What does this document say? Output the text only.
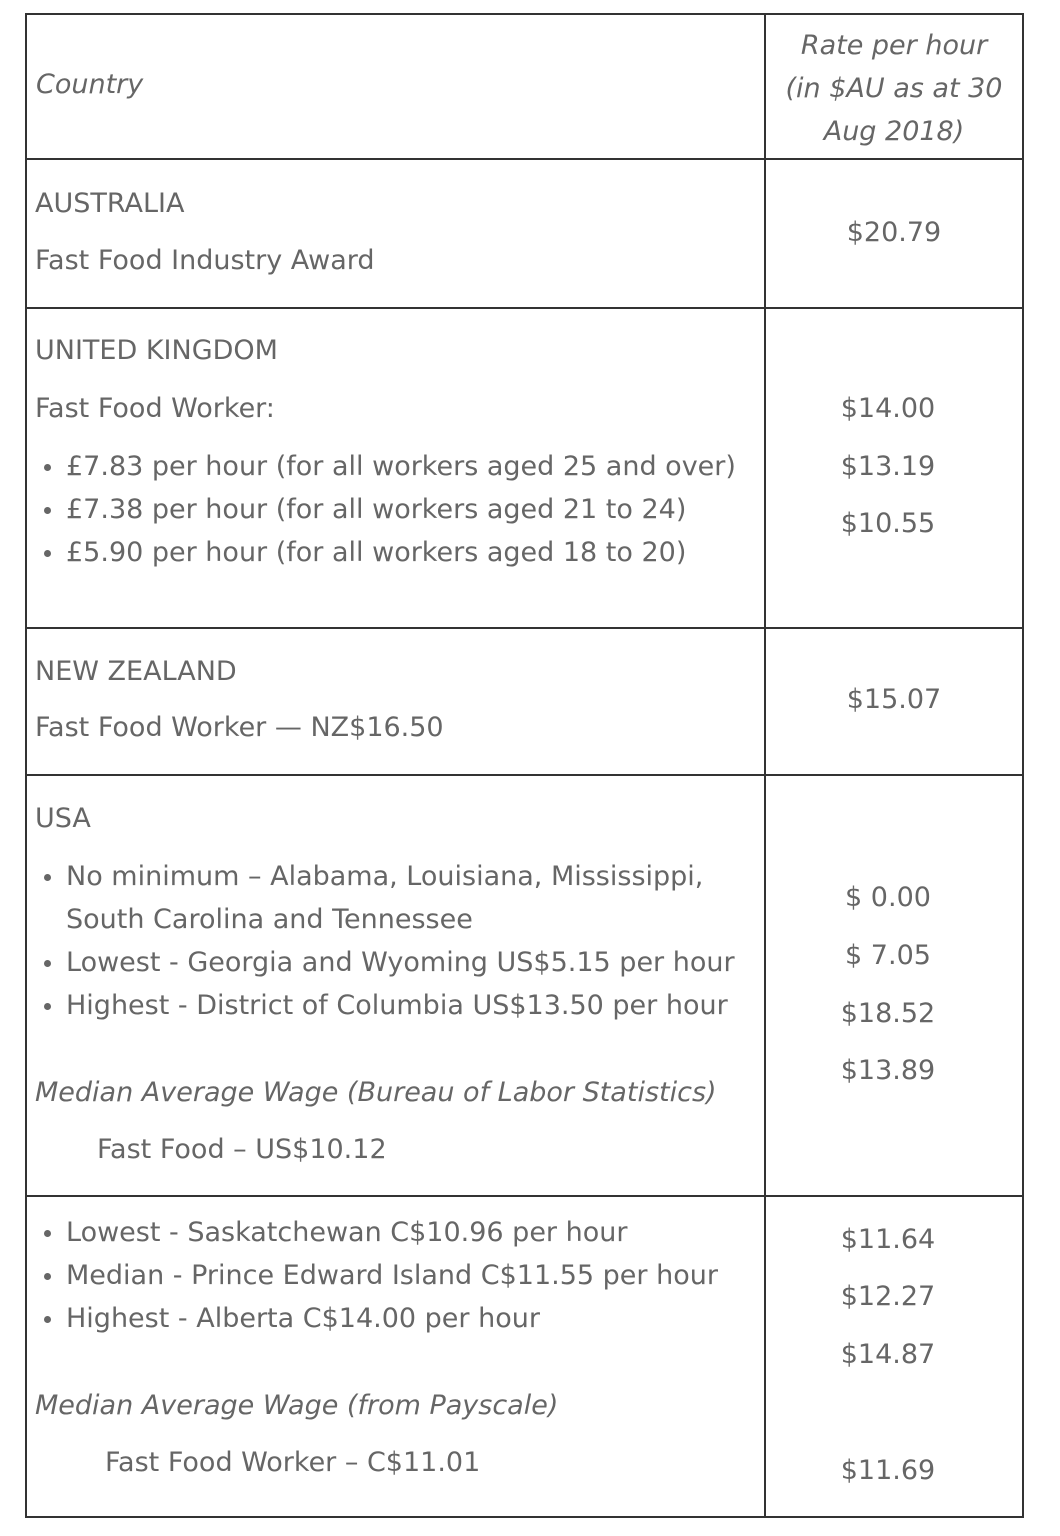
Country
Rate per hour
(in $AU as at 30
Aug 2018)
AUSTRALIA
Fast Food Industry Award
$20.79
UNITED KINGDOM
Fast Food Worker:
£7.83 per hour (for all workers aged 25 and over)
£7.38 per hour (for all workers aged 21 to 24)
£5.90 per hour (for all workers aged 18 to 20)
$14.00
$13.19
$10.55
NEW ZEALAND
Fast Food Worker — NZ$16.50
$15.07
USA
No minimum – Alabama, Louisiana, Mississippi,
South Carolina and Tennessee
Lowest - Georgia and Wyoming US$5.15 per hour
Highest - District of Columbia US$13.50 per hour
Median Average Wage (Bureau of Labor Statistics)
Fast Food – US$10.12
$ 0.00
$ 7.05
$18.52
$13.89
Lowest - Saskatchewan C$10.96 per hour
Median - Prince Edward Island C$11.55 per hour
Highest - Alberta C$14.00 per hour
Median Average Wage (from Payscale)
Fast Food Worker – C$11.01
$11.64
$12.27
$14.87
$11.69
